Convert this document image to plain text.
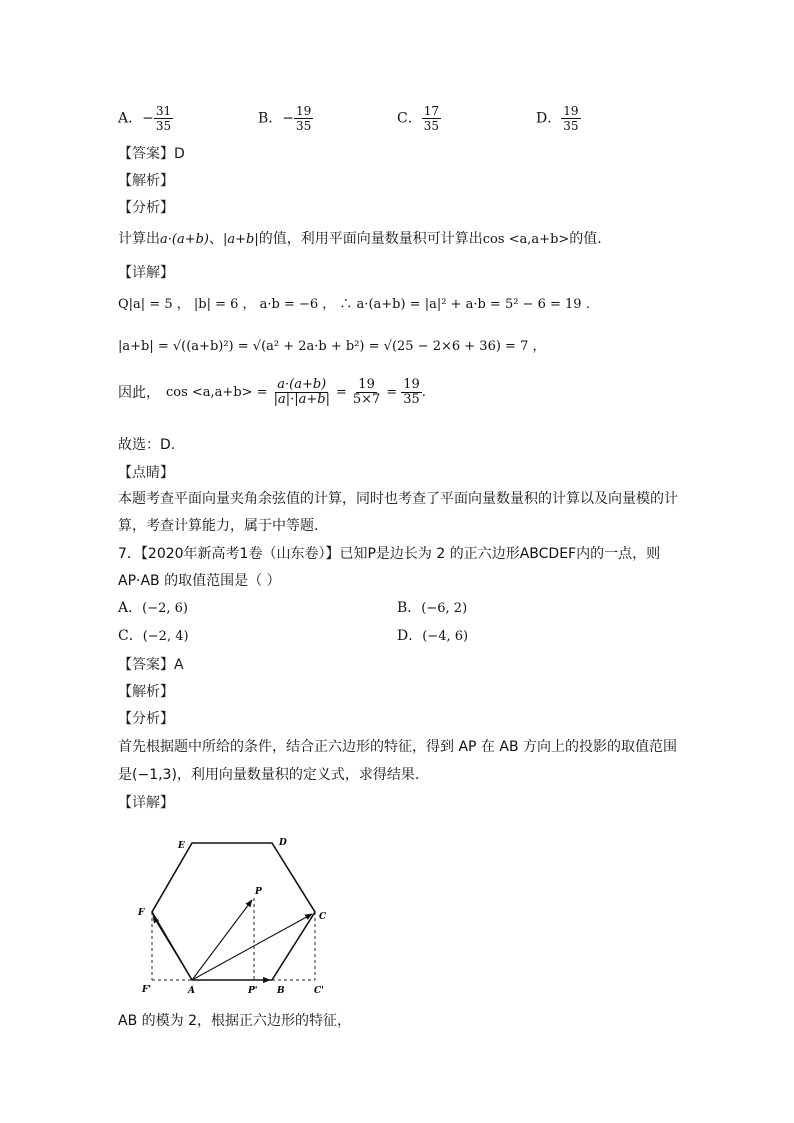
A．− $\frac{31}{35}$	B．− $\frac{19}{35}$	C． $\frac{17}{35}$	D． $\frac{19}{35}$
【答案】D
【解析】
【分析】
计算出a·(a+b)、|a+b|的值，利用平面向量数量积可计算出cos <a,a+b>的值.
【详解】
Q|a| = 5 ， |b| = 6 ， a·b = −6 ， ∴ a·(a+b) = |a|² + a·b = 5² − 6 = 19 .
|a+b| = √((a+b)²) = √(a² + 2a·b + b²) = √(25 − 2×6 + 36) = 7 ，
因此， $\cos <a,a+b> = \frac{a\cdot(a+b)}{|a|\cdot|a+b|} = \frac{19}{5\times 7} = \frac{19}{35}$ .
故选：D.
【点睛】
本题考查平面向量夹角余弦值的计算，同时也考查了平面向量数量积的计算以及向量模的计
算，考查计算能力，属于中等题.
7．【2020年新高考1卷（山东卷）】已知P是边长为 2 的正六边形ABCDEF内的一点，则
AP·AB 的取值范围是（ ）
A．(−2, 6)	B．(−6, 2)
C．(−2, 4)	D．(−4, 6)
【答案】A
【解析】
【分析】
首先根据题中所给的条件，结合正六边形的特征，得到 AP 在 AB 方向上的投影的取值范围
是(−1,3)，利用向量数量积的定义式，求得结果.
【详解】
E	D
P
F	C
F'	A	P' B	C'
AB 的模为 2，根据正六边形的特征，
